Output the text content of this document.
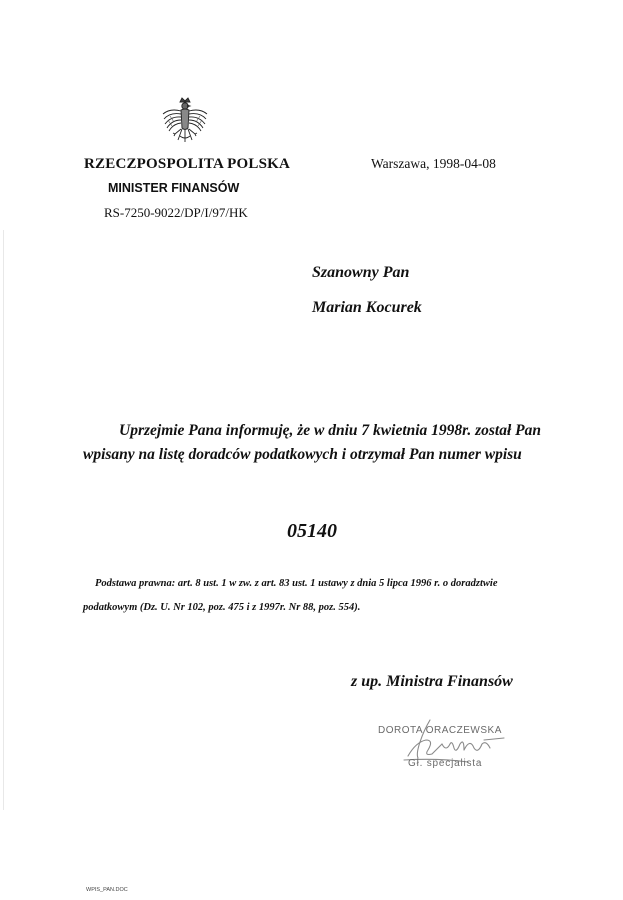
RZECZPOSPOLITA POLSKA
MINISTER FINANSÓW
RS-7250-9022/DP/I/97/HK
Warszawa, 1998-04-08
Szanowny Pan
Marian Kocurek
Uprzejmie Pana informuję, że w dniu 7 kwietnia 1998r. został Pan wpisany na listę doradców podatkowych i otrzymał Pan numer wpisu
05140
Podstawa prawna: art. 8 ust. 1 w zw. z art. 83 ust. 1 ustawy z dnia 5 lipca 1996 r. o doradztwie podatkowym (Dz. U. Nr 102, poz. 475 i z 1997r. Nr 88, poz. 554).
z up. Ministra Finansów
DOROTA ORACZEWSKA
Gł. specjalista
WPIS_PAN.DOC
